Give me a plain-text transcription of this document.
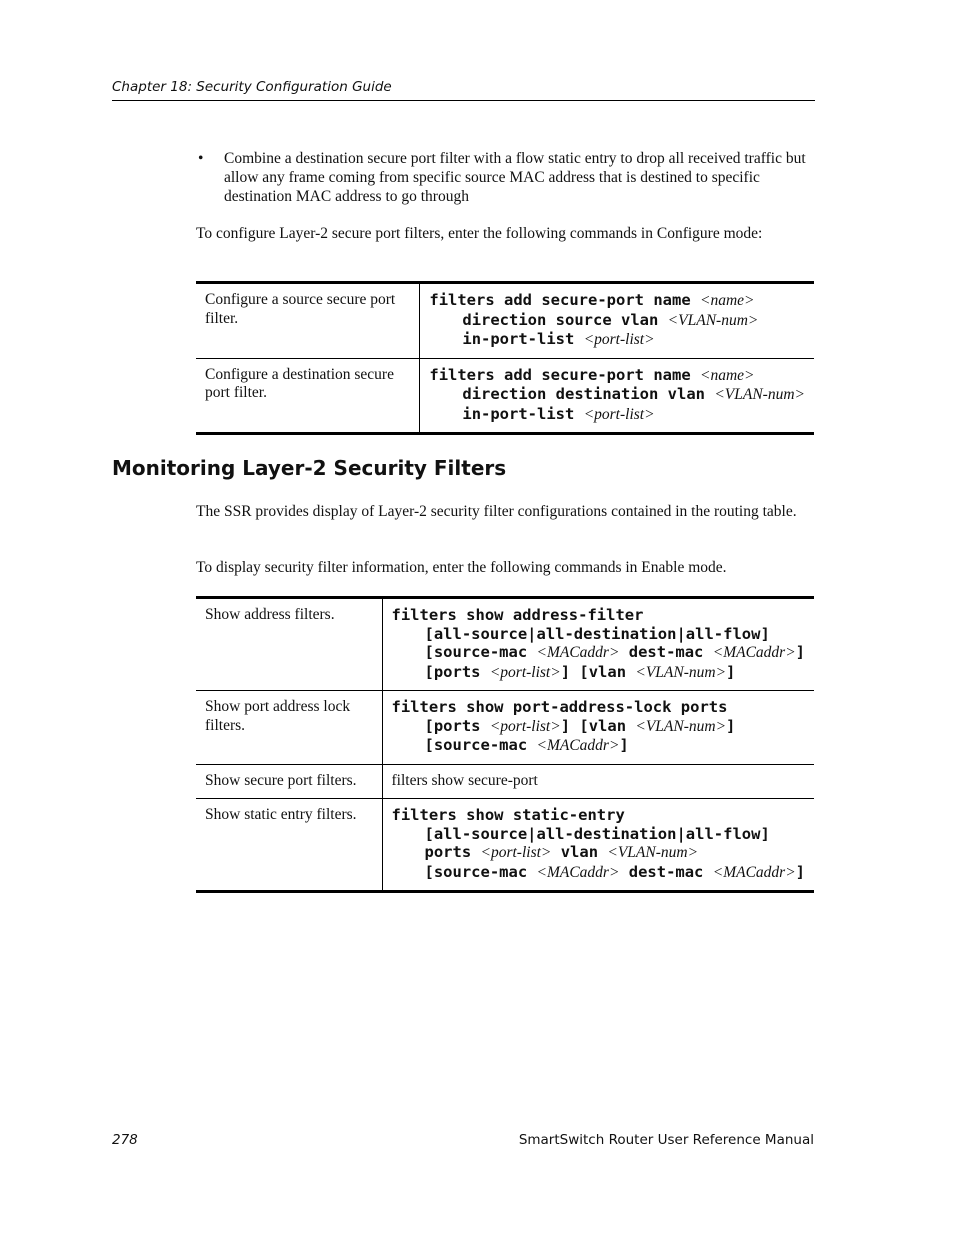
Chapter 18: Security Configuration Guide
• Combine a destination secure port filter with a flow static entry to drop all received traffic but allow any frame coming from specific source MAC address that is destined to specific destination MAC address to go through

To configure Layer-2 secure port filters, enter the following commands in Configure mode:

Configure a source secure port filter.	filters add secure-port name <name>
direction source vlan <VLAN-num>
in-port-list <port-list>

Configure a destination secure port filter.	filters add secure-port name <name>
direction destination vlan <VLAN-num>
in-port-list <port-list>
Monitoring Layer-2 Security Filters

The SSR provides display of Layer-2 security filter configurations contained in the routing table.

To display security filter information, enter the following commands in Enable mode.

Show address filters.	filters show address-filter
[all-source|all-destination|all-flow]
[source-mac <MACaddr> dest-mac <MACaddr>]
[ports <port-list>] [vlan <VLAN-num>]

Show port address lock filters.	filters show port-address-lock ports
[ports <port-list>] [vlan <VLAN-num>]
[source-mac <MACaddr>]

Show secure port filters.	filters show secure-port
Show static entry filters.	filters show static-entry
[all-source|all-destination|all-flow]
ports <port-list> vlan <VLAN-num>
[source-mac <MACaddr> dest-mac <MACaddr>]
278	SmartSwitch Router User Reference Manual
